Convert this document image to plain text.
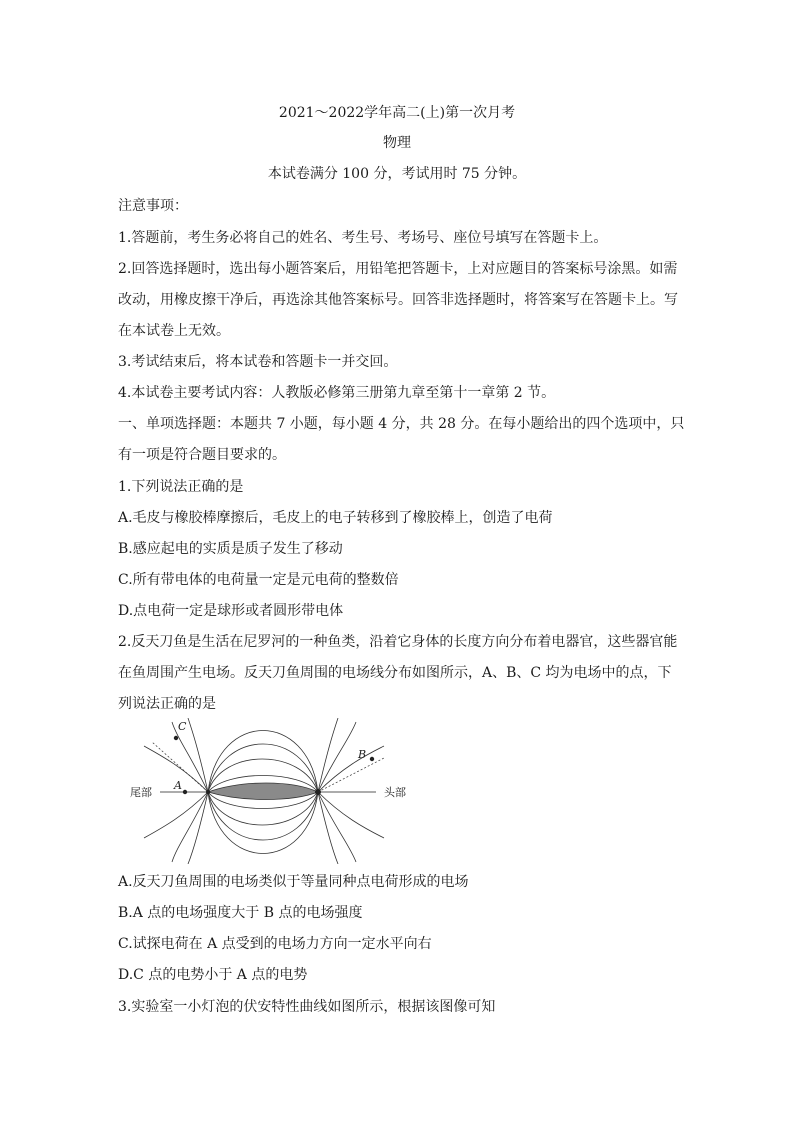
2021～2022学年高二(上)第一次月考
物理
本试卷满分 100 分，考试用时 75 分钟。
注意事项：
1.答题前，考生务必将自己的姓名、考生号、考场号、座位号填写在答题卡上。
2.回答选择题时，选出每小题答案后，用铅笔把答题卡，上对应题目的答案标号涂黑。如需
改动，用橡皮擦干净后，再选涂其他答案标号。回答非选择题时，将答案写在答题卡上。写
在本试卷上无效。
3.考试结束后，将本试卷和答题卡一并交回。
4.本试卷主要考试内容：人教版必修第三册第九章至第十一章第 2 节。
一、单项选择题：本题共 7 小题，每小题 4 分，共 28 分。在每小题给出的四个选项中，只
有一项是符合题目要求的。
1.下列说法正确的是
A.毛皮与橡胶棒摩擦后，毛皮上的电子转移到了橡胶棒上，创造了电荷
B.感应起电的实质是质子发生了移动
C.所有带电体的电荷量一定是元电荷的整数倍
D.点电荷一定是球形或者圆形带电体
2.反天刀鱼是生活在尼罗河的一种鱼类，沿着它身体的长度方向分布着电器官，这些器官能
在鱼周围产生电场。反天刀鱼周围的电场线分布如图所示，A、B、C 均为电场中的点，下
列说法正确的是
尾部	头部
A
B
C
A.反天刀鱼周围的电场类似于等量同种点电荷形成的电场
B.A 点的电场强度大于 B 点的电场强度
C.试探电荷在 A 点受到的电场力方向一定水平向右
D.C 点的电势小于 A 点的电势
3.实验室一小灯泡的伏安特性曲线如图所示，根据该图像可知
